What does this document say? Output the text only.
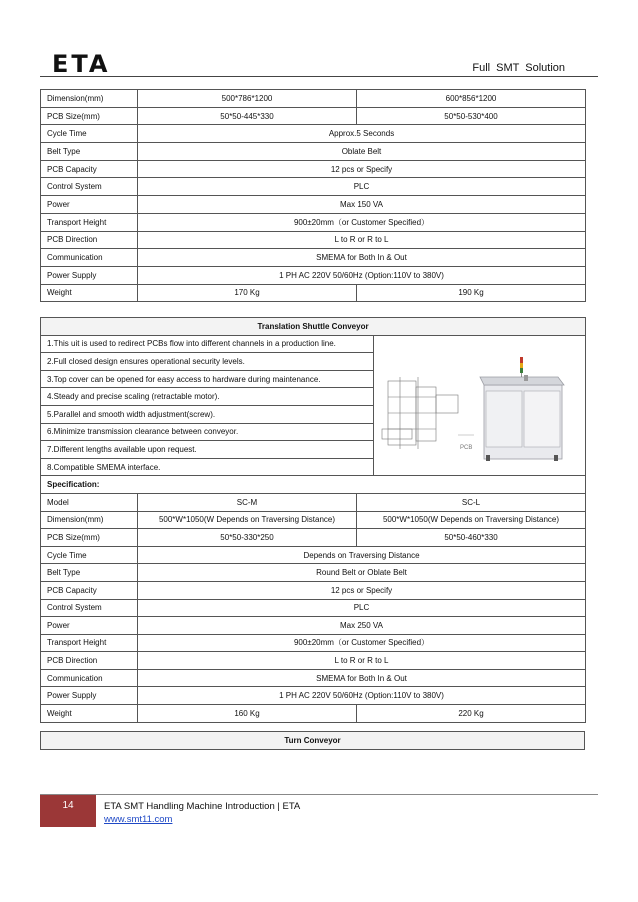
ETA	Full SMT Solution
Dimension(mm)	500*786*1200	600*856*1200
PCB Size(mm)	50*50-445*330	50*50-530*400
Cycle Time	Approx.5 Seconds	
Belt Type	Oblate Belt	
PCB Capacity	12 pcs or Specify	
Control System	PLC	
Power	Max 150 VA	
Transport Height	900±20mm（or Customer Specified）	
PCB Direction	L to R or R to L	
Communication	SMEMA for Both In & Out	
Power Supply	1 PH AC 220V 50/60Hz (Option:110V to 380V)	
Weight	170 Kg	190 Kg
Translation Shuttle Conveyor			
1.This uit is used to redirect PCBs flow into different channels in a production line.			PCB

2.Full closed design ensures operational security levels.			
3.Top cover can be opened for easy access to hardware during maintenance.			
4.Steady and precise scaling (retractable motor).			
5.Parallel and smooth width adjustment(screw).			
6.Minimize transmission clearance between conveyor.			
7.Different lengths available upon request.			
8.Compatible SMEMA interface.			
Specification:			
Model	SC-M	SC-L	
Dimension(mm)	500*W*1050(W Depends on Traversing Distance)	500*W*1050(W Depends on Traversing Distance)	
PCB Size(mm)	50*50-330*250	50*50-460*330	
Cycle Time	Depends on Traversing Distance		
Belt Type	Round Belt or Oblate Belt		
PCB Capacity	12 pcs or Specify		
Control System	PLC		
Power	Max 250 VA		
Transport Height	900±20mm（or Customer Specified）		
PCB Direction	L to R or R to L		
Communication	SMEMA for Both In & Out		
Power Supply	1 PH AC 220V 50/60Hz (Option:110V to 380V)		
Weight	160 Kg	220 Kg	
Turn Conveyor
14	ETA SMT Handling Machine Introduction | ETA
www.smt11.com
